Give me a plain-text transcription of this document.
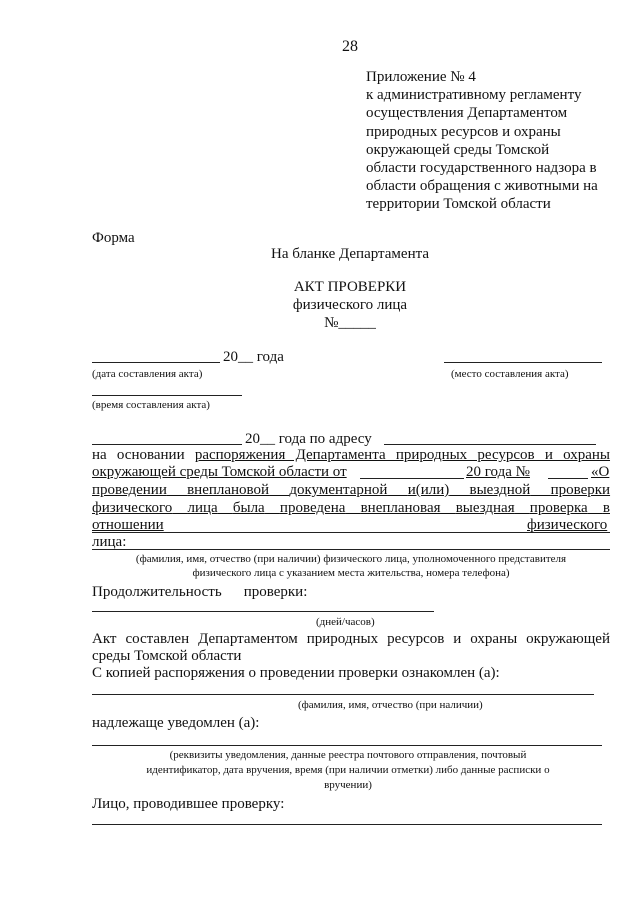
28
Приложение № 4
к административному регламенту
осуществления Департаментом
природных ресурсов и охраны
окружающей среды Томской
области государственного надзора в
области обращения с животными на
территории Томской области
Форма
На бланке Департамента
АКТ ПРОВЕРКИ
физического лица
№_____
20__ года
(дата составления акта)	(место составления акта)
(время составления акта)
20__ года по адресу
на основании распоряжения Департамента природных ресурсов и охраны
окружающей среды Томской области от	20 года №	«О
проведении внеплановой документарной и(или) выездной проверки
физического лица была проведена внеплановая выездная проверка в
отношении	физического
лица:
(фамилия, имя, отчество (при наличии) физического лица, уполномоченного представителя
физического лица с указанием места жительства, номера телефона)
Продолжительность проверки:
(дней/часов)
Акт составлен Департаментом природных ресурсов и охраны окружающей
среды Томской области
С копией распоряжения о проведении проверки ознакомлен (а):
(фамилия, имя, отчество (при наличии)
надлежаще уведомлен (а):
(реквизиты уведомления, данные реестра почтового отправления, почтовый
идентификатор, дата вручения, время (при наличии отметки) либо данные расписки о
вручении)
Лицо, проводившее проверку:
